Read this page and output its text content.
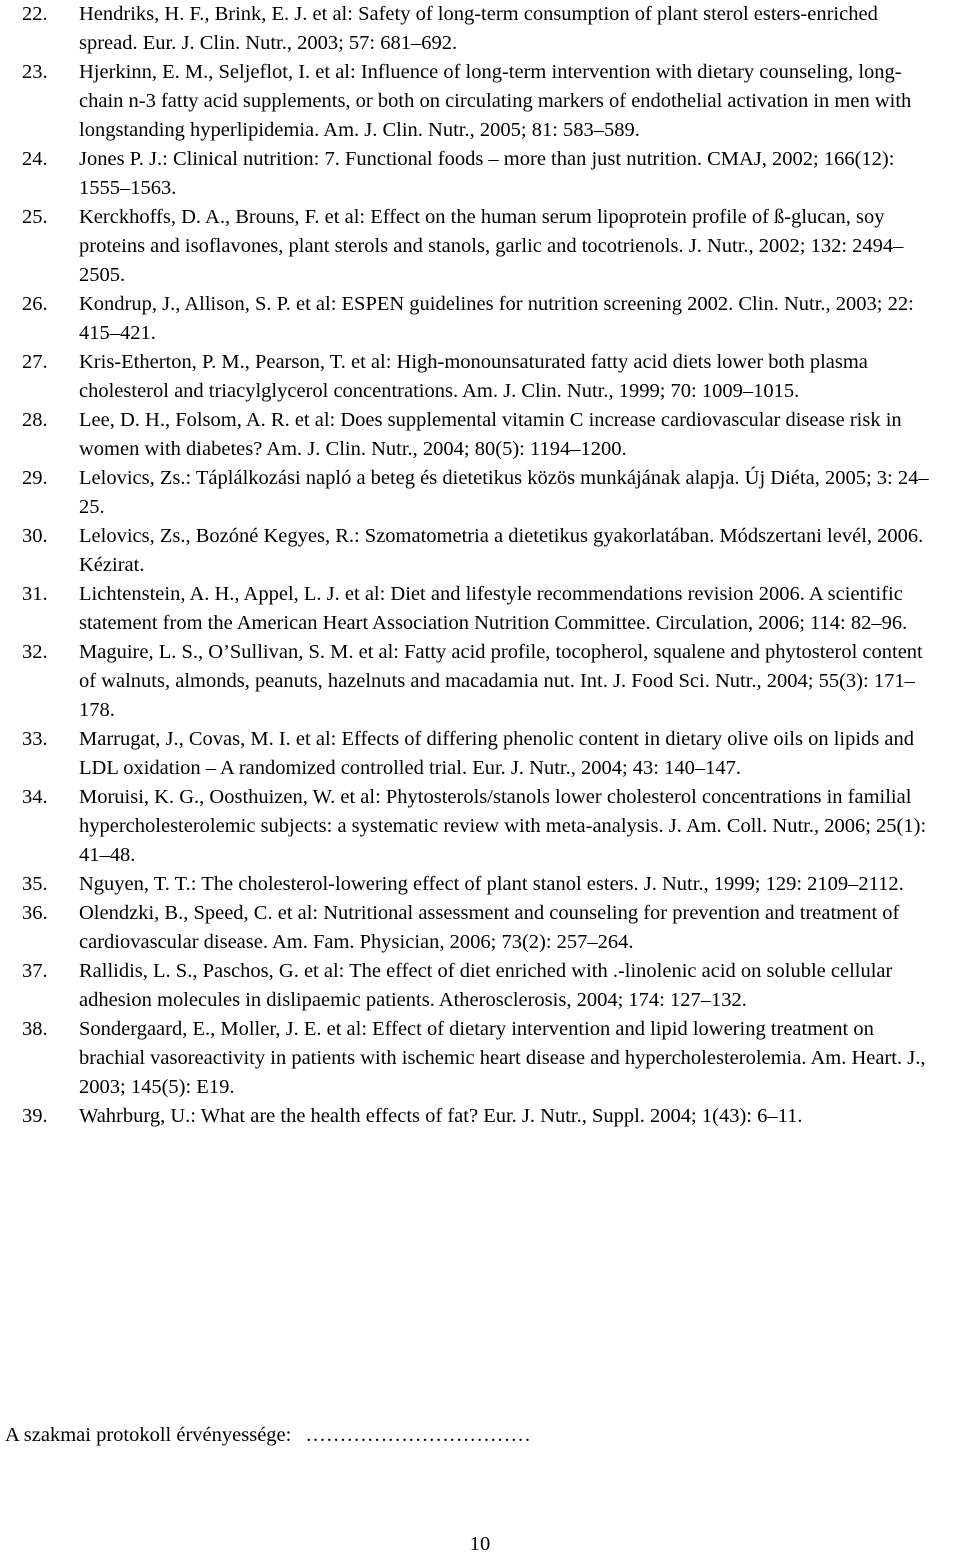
22.	Hendriks, H. F., Brink, E. J. et al: Safety of long-term consumption of plant sterol esters-enriched spread. Eur. J. Clin. Nutr., 2003; 57: 681–692.
23.	Hjerkinn, E. M., Seljeflot, I. et al: Influence of long-term intervention with dietary counseling, long-chain n-3 fatty acid supplements, or both on circulating markers of endothelial activation in men with longstanding hyperlipidemia. Am. J. Clin. Nutr., 2005; 81: 583–589.
24.	Jones P. J.: Clinical nutrition: 7. Functional foods – more than just nutrition. CMAJ, 2002; 166(12): 1555–1563.
25.	Kerckhoffs, D. A., Brouns, F. et al: Effect on the human serum lipoprotein profile of ß-glucan, soy proteins and isoflavones, plant sterols and stanols, garlic and tocotrienols. J. Nutr., 2002; 132: 2494–2505.
26.	Kondrup, J., Allison, S. P. et al: ESPEN guidelines for nutrition screening 2002. Clin. Nutr., 2003; 22: 415–421.
27.	Kris-Etherton, P. M., Pearson, T. et al: High-monounsaturated fatty acid diets lower both plasma cholesterol and triacylglycerol concentrations. Am. J. Clin. Nutr., 1999; 70: 1009–1015.
28.	Lee, D. H., Folsom, A. R. et al: Does supplemental vitamin C increase cardiovascular disease risk in women with diabetes? Am. J. Clin. Nutr., 2004; 80(5): 1194–1200.
29.	Lelovics, Zs.: Táplálkozási napló a beteg és dietetikus közös munkájának alapja. Új Diéta, 2005; 3: 24–25.
30.	Lelovics, Zs., Bozóné Kegyes, R.: Szomatometria a dietetikus gyakorlatában. Módszertani levél, 2006. Kézirat.
31.	Lichtenstein, A. H., Appel, L. J. et al: Diet and lifestyle recommendations revision 2006. A scientific statement from the American Heart Association Nutrition Committee. Circulation, 2006; 114: 82–96.
32.	Maguire, L. S., O’Sullivan, S. M. et al: Fatty acid profile, tocopherol, squalene and phytosterol content of walnuts, almonds, peanuts, hazelnuts and macadamia nut. Int. J. Food Sci. Nutr., 2004; 55(3): 171–178.
33.	Marrugat, J., Covas, M. I. et al: Effects of differing phenolic content in dietary olive oils on lipids and LDL oxidation – A randomized controlled trial. Eur. J. Nutr., 2004; 43: 140–147.
34.	Moruisi, K. G., Oosthuizen, W. et al: Phytosterols/stanols lower cholesterol concentrations in familial hypercholesterolemic subjects: a systematic review with meta-analysis. J. Am. Coll. Nutr., 2006; 25(1): 41–48.
35.	Nguyen, T. T.: The cholesterol-lowering effect of plant stanol esters. J. Nutr., 1999; 129: 2109–2112.
36.	Olendzki, B., Speed, C. et al: Nutritional assessment and counseling for prevention and treatment of cardiovascular disease. Am. Fam. Physician, 2006; 73(2): 257–264.
37.	Rallidis, L. S., Paschos, G. et al: The effect of diet enriched with .-linolenic acid on soluble cellular adhesion molecules in dislipaemic patients. Atherosclerosis, 2004; 174: 127–132.
38.	Sondergaard, E., Moller, J. E. et al: Effect of dietary intervention and lipid lowering treatment on brachial vasoreactivity in patients with ischemic heart disease and hypercholesterolemia. Am. Heart. J., 2003; 145(5): E19.
39.	Wahrburg, U.: What are the health effects of fat? Eur. J. Nutr., Suppl. 2004; 1(43): 6–11.
A szakmai protokoll érvényessége: ……………………………
10
